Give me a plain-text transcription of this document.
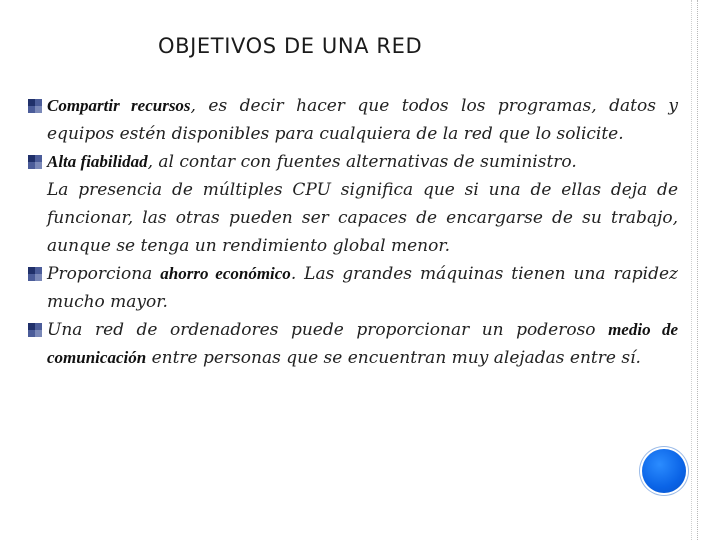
OBJETIVOS DE UNA RED

Compartir recursos, es decir hacer que todos los programas, datos y equipos estén disponibles para cualquiera de la red que lo solicite.

Alta fiabilidad, al contar con fuentes alternativas de suministro.

La presencia de múltiples CPU significa que si una de ellas deja de funcionar, las otras pueden ser capaces de encargarse de su trabajo, aunque se tenga un rendimiento global menor.

Proporciona ahorro económico. Las grandes máquinas tienen una rapidez mucho mayor.

Una red de ordenadores puede proporcionar un poderoso medio de comunicación entre personas que se encuentran muy alejadas entre sí.
